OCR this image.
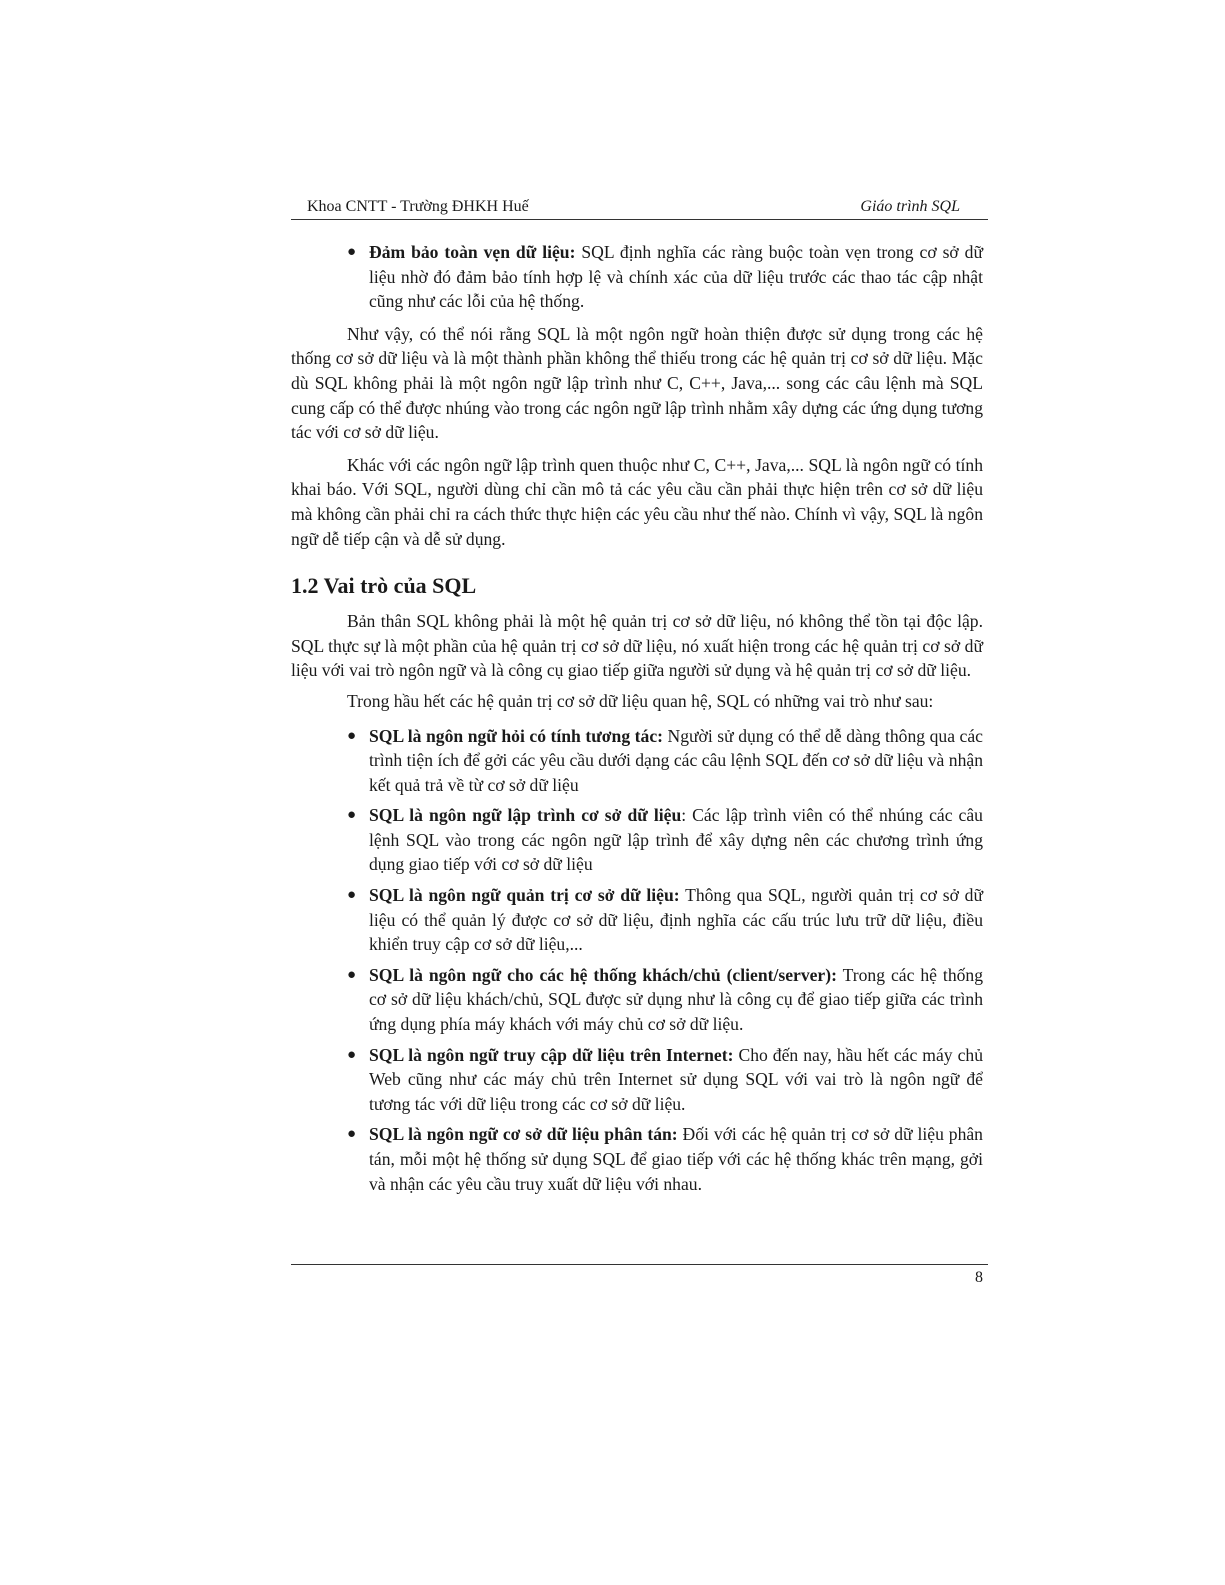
Khoa CNTT - Trường ĐHKH Huế	Giáo trình SQL

● Đảm bảo toàn vẹn dữ liệu: SQL định nghĩa các ràng buộc toàn vẹn trong cơ sở dữ liệu nhờ đó đảm bảo tính hợp lệ và chính xác của dữ liệu trước các thao tác cập nhật cũng như các lỗi của hệ thống.

Như vậy, có thể nói rằng SQL là một ngôn ngữ hoàn thiện được sử dụng trong các hệ thống cơ sở dữ liệu và là một thành phần không thể thiếu trong các hệ quản trị cơ sở dữ liệu. Mặc dù SQL không phải là một ngôn ngữ lập trình như C, C++, Java,... song các câu lệnh mà SQL cung cấp có thể được nhúng vào trong các ngôn ngữ lập trình nhằm xây dựng các ứng dụng tương tác với cơ sở dữ liệu.

Khác với các ngôn ngữ lập trình quen thuộc như C, C++, Java,... SQL là ngôn ngữ có tính khai báo. Với SQL, người dùng chỉ cần mô tả các yêu cầu cần phải thực hiện trên cơ sở dữ liệu mà không cần phải chỉ ra cách thức thực hiện các yêu cầu như thế nào. Chính vì vậy, SQL là ngôn ngữ dễ tiếp cận và dễ sử dụng.

1.2 Vai trò của SQL

Bản thân SQL không phải là một hệ quản trị cơ sở dữ liệu, nó không thể tồn tại độc lập. SQL thực sự là một phần của hệ quản trị cơ sở dữ liệu, nó xuất hiện trong các hệ quản trị cơ sở dữ liệu với vai trò ngôn ngữ và là công cụ giao tiếp giữa người sử dụng và hệ quản trị cơ sở dữ liệu.

Trong hầu hết các hệ quản trị cơ sở dữ liệu quan hệ, SQL có những vai trò như sau:

● SQL là ngôn ngữ hỏi có tính tương tác: Người sử dụng có thể dễ dàng thông qua các trình tiện ích để gởi các yêu cầu dưới dạng các câu lệnh SQL đến cơ sở dữ liệu và nhận kết quả trả về từ cơ sở dữ liệu

● SQL là ngôn ngữ lập trình cơ sở dữ liệu: Các lập trình viên có thể nhúng các câu lệnh SQL vào trong các ngôn ngữ lập trình để xây dựng nên các chương trình ứng dụng giao tiếp với cơ sở dữ liệu

● SQL là ngôn ngữ quản trị cơ sở dữ liệu: Thông qua SQL, người quản trị cơ sở dữ liệu có thể quản lý được cơ sở dữ liệu, định nghĩa các cấu trúc lưu trữ dữ liệu, điều khiển truy cập cơ sở dữ liệu,...

● SQL là ngôn ngữ cho các hệ thống khách/chủ (client/server): Trong các hệ thống cơ sở dữ liệu khách/chủ, SQL được sử dụng như là công cụ để giao tiếp giữa các trình ứng dụng phía máy khách với máy chủ cơ sở dữ liệu.

● SQL là ngôn ngữ truy cập dữ liệu trên Internet: Cho đến nay, hầu hết các máy chủ Web cũng như các máy chủ trên Internet sử dụng SQL với vai trò là ngôn ngữ để tương tác với dữ liệu trong các cơ sở dữ liệu.

● SQL là ngôn ngữ cơ sở dữ liệu phân tán: Đối với các hệ quản trị cơ sở dữ liệu phân tán, mỗi một hệ thống sử dụng SQL để giao tiếp với các hệ thống khác trên mạng, gởi và nhận các yêu cầu truy xuất dữ liệu với nhau.

8
